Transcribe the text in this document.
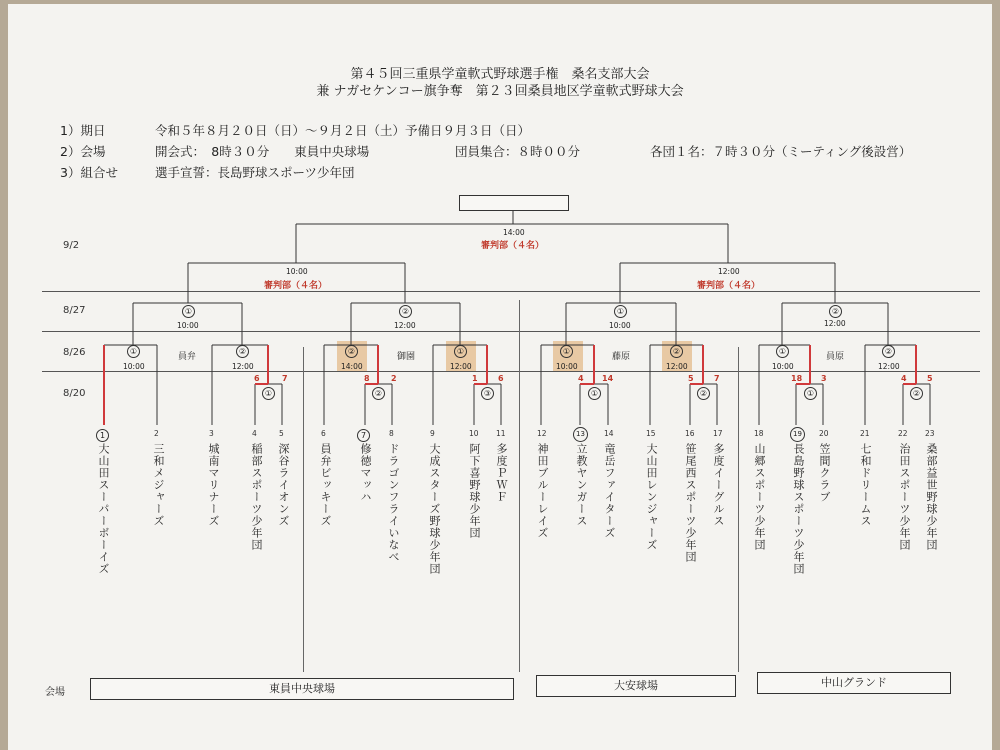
第４５回三重県学童軟式野球選手権　桑名支部大会
兼 ナガセケンコー旗争奪　第２３回桑員地区学童軟式野球大会
1）期日	令和５年８月２０日（日）～９月２日（土）予備日９月３日（日）
2）会場	開会式：　8時３０分　　東員中央球場	団員集合：８時００分	各団１名：７時３０分（ミーティング後設営）
3）組合せ	選手宣誓：長島野球スポーツ少年団
9/2
8/27
8/26
8/20
14:00
審判部（４名）
10:00
審判部（４名）
12:00
審判部（４名）
①
10:00
②
12:00
①
10:00
②
12:00
①
10:00
②
12:00
②
14:00
①
12:00
①
10:00
②
12:00
①
10:00
②
12:00
員弁	御園	藤原	員原
①	②	③	①	②	①	②
6	7	8	2	1	6	4 14	5	7	18 3	4	5
1	2	3	4	5	6	7	8	9	10 11	12	13	14	15	16 17	18	19	20	21	22 23
大山田スーパーボーイズ	三和メジャーズ	城南マリナーズ	稲部スポーツ少年団 深谷ライオンズ	員弁ビッキーズ 修徳マッハ ドラゴンフライいなべ	大成スターズ野球少年団 阿下喜野球少年団 多度ＰＷＦ	神田ブルーレイズ 立教ヤンガース 竜岳ファイターズ	大山田レンジャーズ 笹尾西スポーツ少年団 多度イーグルス	山郷スポーツ少年団 長島野球スポーツ少年団 笠間クラブ	七和ドリームス 治田スポーツ少年団 桑部益世野球少年団
会場	東員中央球場	大安球場	中山グランド
